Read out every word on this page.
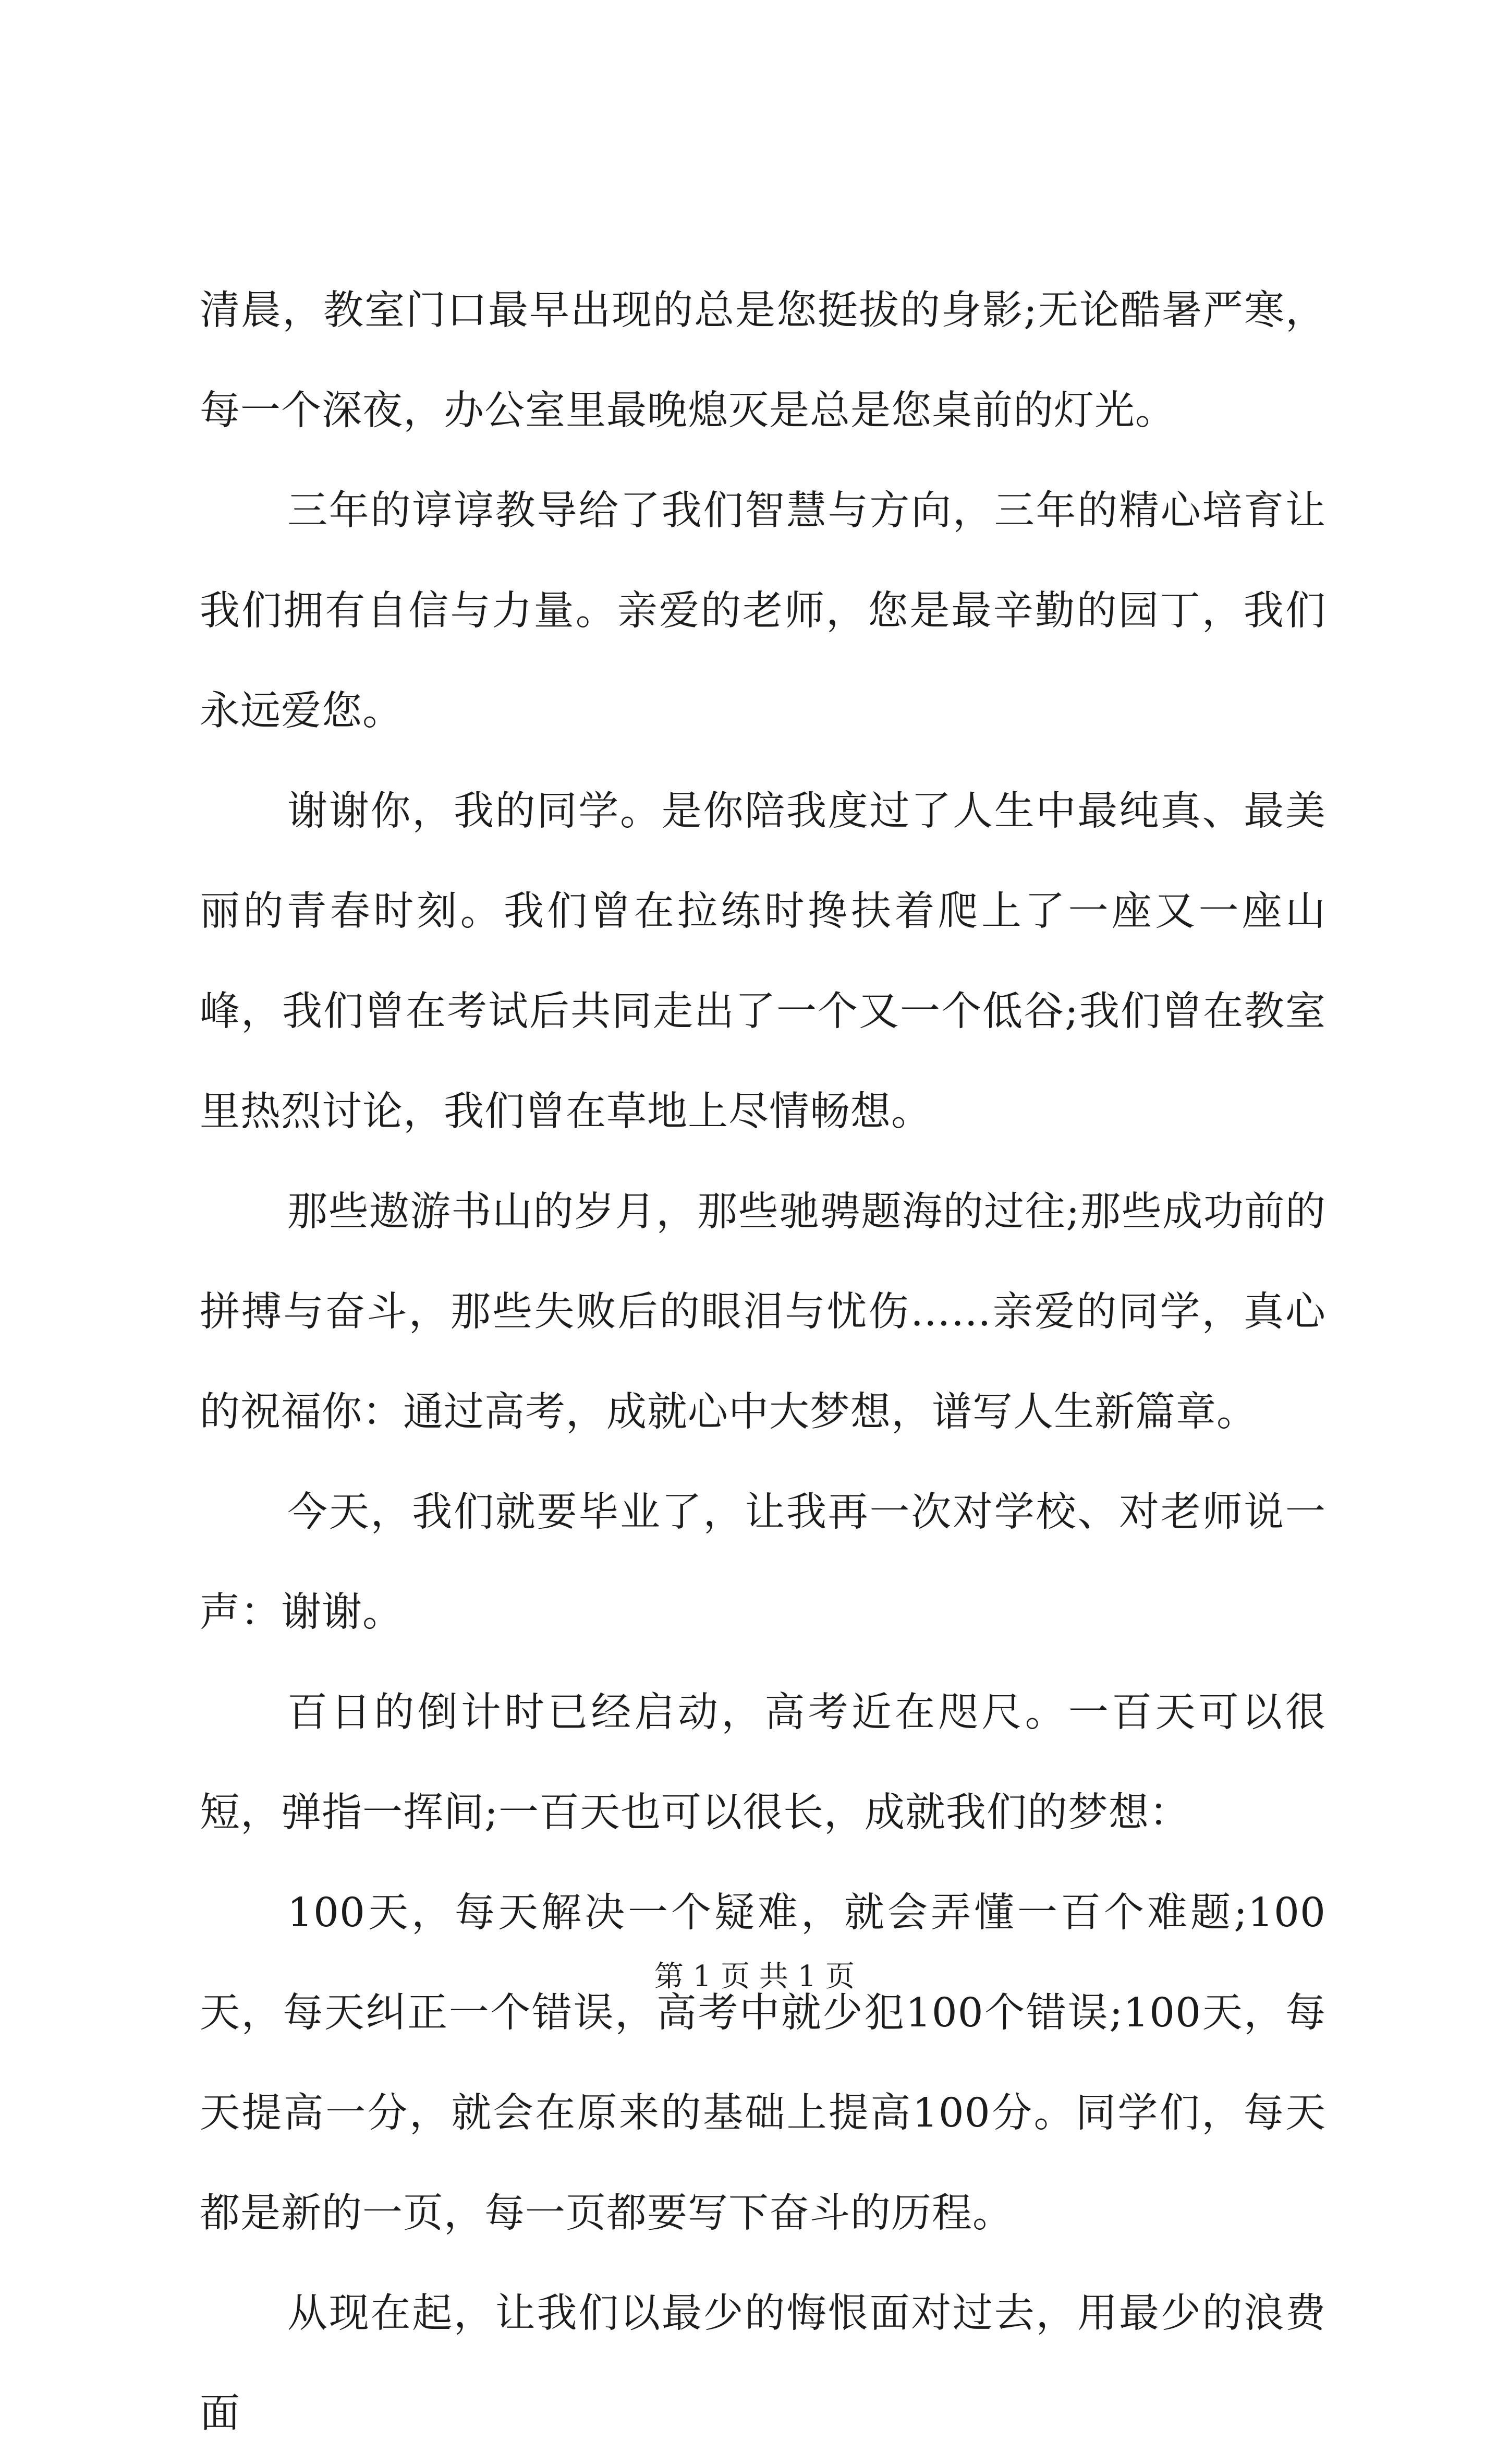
清晨，教室门口最早出现的总是您挺拔的身影;无论酷暑严寒，每一个深夜，办公室里最晚熄灭是总是您桌前的灯光。

三年的谆谆教导给了我们智慧与方向，三年的精心培育让我们拥有自信与力量。亲爱的老师，您是最辛勤的园丁，我们永远爱您。

谢谢你，我的同学。是你陪我度过了人生中最纯真、最美丽的青春时刻。我们曾在拉练时搀扶着爬上了一座又一座山峰，我们曾在考试后共同走出了一个又一个低谷;我们曾在教室里热烈讨论，我们曾在草地上尽情畅想。

那些遨游书山的岁月，那些驰骋题海的过往;那些成功前的拼搏与奋斗，那些失败后的眼泪与忧伤……亲爱的同学，真心的祝福你：通过高考，成就心中大梦想，谱写人生新篇章。

今天，我们就要毕业了，让我再一次对学校、对老师说一声：谢谢。

百日的倒计时已经启动，高考近在咫尺。一百天可以很短，弹指一挥间;一百天也可以很长，成就我们的梦想：

100天，每天解决一个疑难，就会弄懂一百个难题;100天，每天纠正一个错误，高考中就少犯100个错误;100天，每天提高一分，就会在原来的基础上提高100分。同学们，每天都是新的一页，每一页都要写下奋斗的历程。

从现在起，让我们以最少的悔恨面对过去，用最少的浪费面

第 1 页 共 1 页
